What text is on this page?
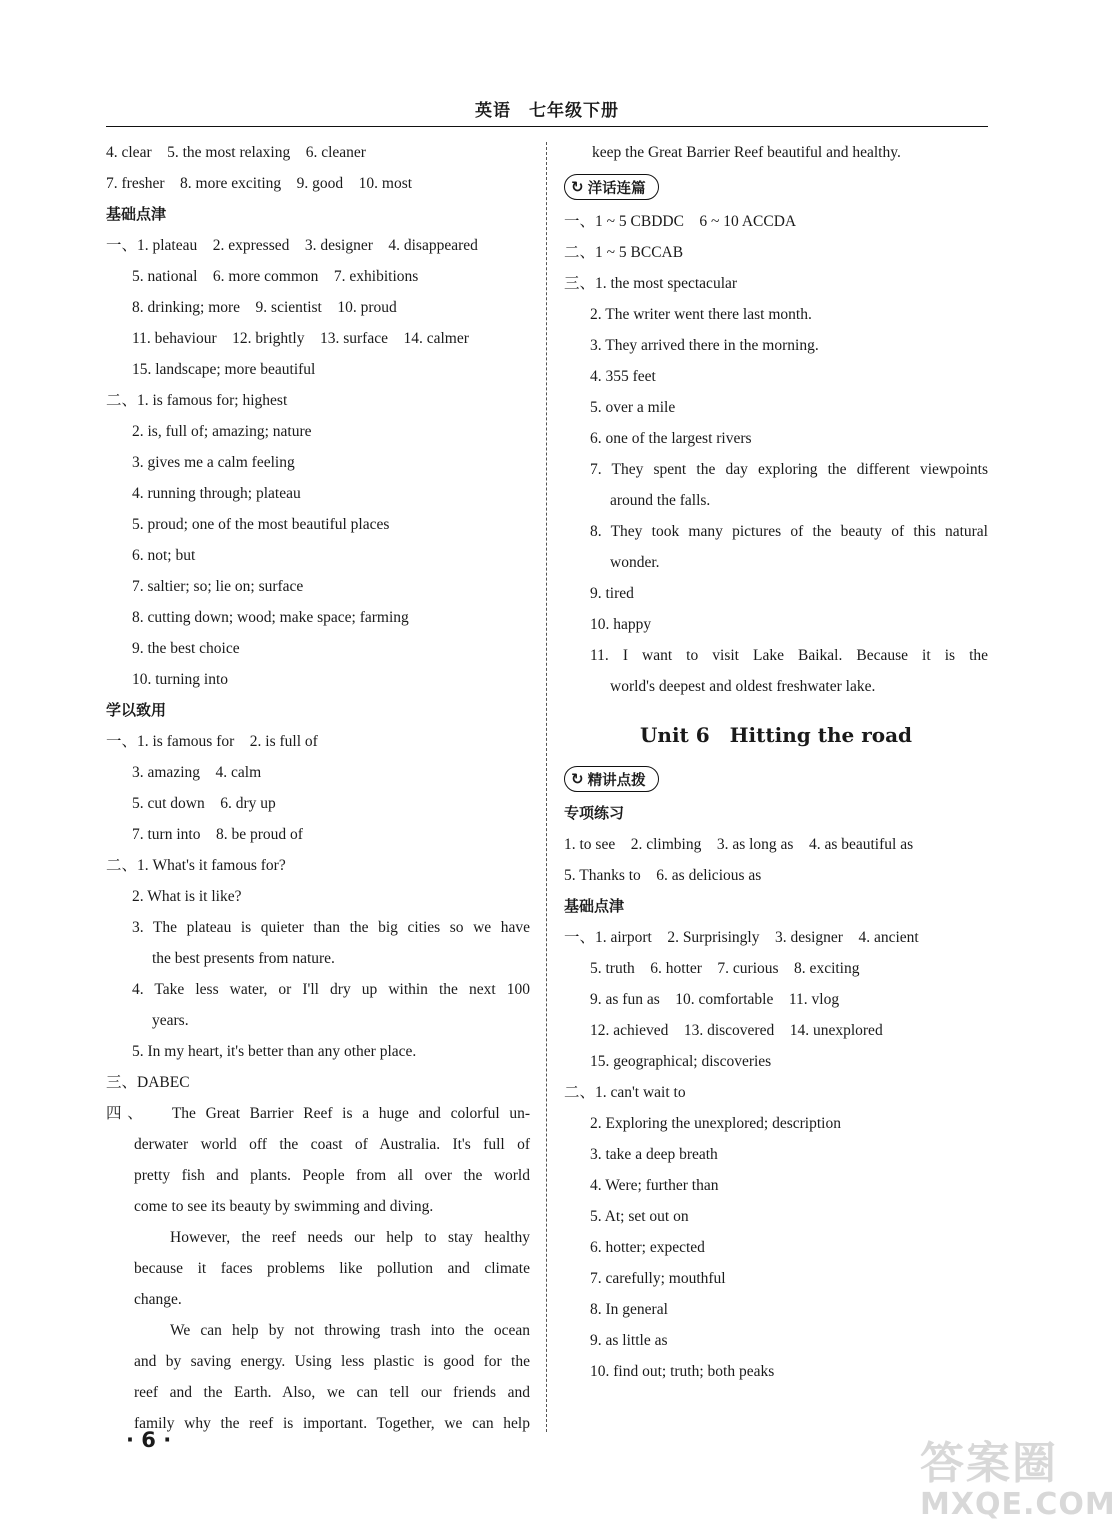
英语　七年级下册
4. clear　5. the most relaxing　6. cleaner
7. fresher　8. more exciting　9. good　10. most
基础点津
一、1. plateau　2. expressed　3. designer　4. disappeared
5. national　6. more common　7. exhibitions
8. drinking; more　9. scientist　10. proud
11. behaviour　12. brightly　13. surface　14. calmer
15. landscape; more beautiful
二、1. is famous for; highest
2. is, full of; amazing; nature
3. gives me a calm feeling
4. running through; plateau
5. proud; one of the most beautiful places
6. not; but
7. saltier; so; lie on; surface
8. cutting down; wood; make space; farming
9. the best choice
10. turning into
学以致用
一、1. is famous for　2. is full of
3. amazing　4. calm
5. cut down　6. dry up
7. turn into　8. be proud of
二、1. What's it famous for?
2. What is it like?
3. The plateau is quieter than the big cities so we have
the best presents from nature.
4. Take less water, or I'll dry up within the next 100
years.
5. In my heart, it's better than any other place.
三、DABEC
四、　 The Great Barrier Reef is a huge and colorful un-
derwater world off the coast of Australia. It's full of
pretty fish and plants. People from all over the world
come to see its beauty by swimming and diving.
However, the reef needs our help to stay healthy
because it faces problems like pollution and climate
change.
We can help by not throwing trash into the ocean
and by saving energy. Using less plastic is good for the
reef and the Earth. Also, we can tell our friends and
family why the reef is important. Together, we can help
keep the Great Barrier Reef beautiful and healthy.
↻ 洋话连篇
一、1 ~ 5 CBDDC　6 ~ 10 ACCDA
二、1 ~ 5 BCCAB
三、1. the most spectacular
2. The writer went there last month.
3. They arrived there in the morning.
4. 355 feet
5. over a mile
6. one of the largest rivers
7. They spent the day exploring the different viewpoints
around the falls.
8. They took many pictures of the beauty of this natural
wonder.
9. tired
10. happy
11. I want to visit Lake Baikal. Because it is the
world's deepest and oldest freshwater lake.
Unit 6　Hitting the road
↻ 精讲点拨
专项练习
1. to see　2. climbing　3. as long as　4. as beautiful as
5. Thanks to　6. as delicious as
基础点津
一、1. airport　2. Surprisingly　3. designer　4. ancient
5. truth　6. hotter　7. curious　8. exciting
9. as fun as　10. comfortable　11. vlog
12. achieved　13. discovered　14. unexplored
15. geographical; discoveries
二、1. can't wait to
2. Exploring the unexplored; description
3. take a deep breath
4. Were; further than
5. At; set out on
6. hotter; expected
7. carefully; mouthful
8. In general
9. as little as
10. find out; truth; both peaks
· 6 ·	答案圈
MXQE.COM
